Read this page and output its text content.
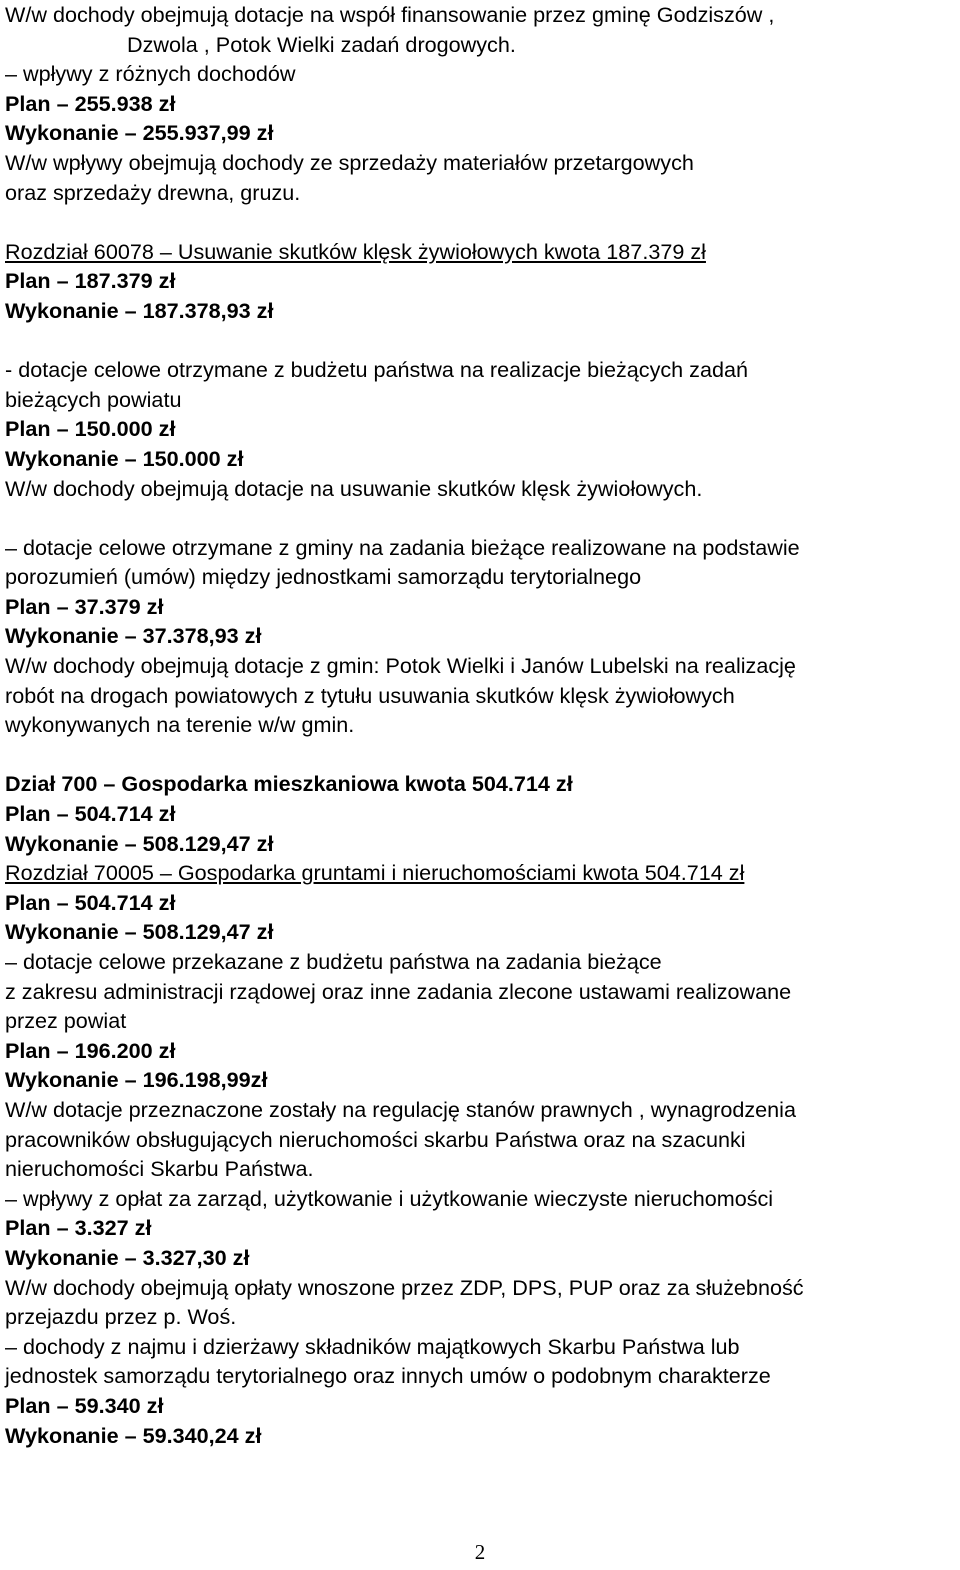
W/w dochody obejmują dotacje na współ finansowanie przez gminę Godziszów ,
Dzwola , Potok Wielki zadań drogowych.
– wpływy z różnych dochodów
Plan – 255.938 zł
Wykonanie – 255.937,99 zł
W/w wpływy obejmują dochody ze sprzedaży materiałów przetargowych
oraz sprzedaży drewna, gruzu.
Rozdział 60078 – Usuwanie skutków klęsk żywiołowych kwota 187.379 zł
Plan – 187.379 zł
Wykonanie – 187.378,93 zł
- dotacje celowe otrzymane z budżetu państwa na realizacje bieżących zadań
bieżących powiatu
Plan – 150.000 zł
Wykonanie – 150.000 zł
W/w dochody obejmują dotacje na usuwanie skutków klęsk żywiołowych.
– dotacje celowe otrzymane z gminy na zadania bieżące realizowane na podstawie
porozumień (umów) między jednostkami samorządu terytorialnego
Plan – 37.379 zł
Wykonanie – 37.378,93 zł
W/w dochody obejmują dotacje z gmin: Potok Wielki i Janów Lubelski na realizację
robót na drogach powiatowych z tytułu usuwania skutków klęsk żywiołowych
wykonywanych na terenie w/w gmin.
Dział 700 – Gospodarka mieszkaniowa kwota 504.714 zł
Plan – 504.714 zł
Wykonanie – 508.129,47 zł
Rozdział 70005 – Gospodarka gruntami i nieruchomościami kwota 504.714 zł
Plan – 504.714 zł
Wykonanie – 508.129,47 zł
– dotacje celowe przekazane z budżetu państwa na zadania bieżące
z zakresu administracji rządowej oraz inne zadania zlecone ustawami realizowane
przez powiat
Plan – 196.200 zł
Wykonanie – 196.198,99zł
W/w dotacje przeznaczone zostały na regulację stanów prawnych , wynagrodzenia
pracowników obsługujących nieruchomości skarbu Państwa oraz na szacunki
nieruchomości Skarbu Państwa.
– wpływy z opłat za zarząd, użytkowanie i użytkowanie wieczyste nieruchomości
Plan – 3.327 zł
Wykonanie – 3.327,30 zł
W/w dochody obejmują opłaty wnoszone przez ZDP, DPS, PUP oraz za służebność
przejazdu przez p. Woś.
– dochody z najmu i dzierżawy składników majątkowych Skarbu Państwa lub
jednostek samorządu terytorialnego oraz innych umów o podobnym charakterze
Plan – 59.340 zł
Wykonanie – 59.340,24 zł
2
